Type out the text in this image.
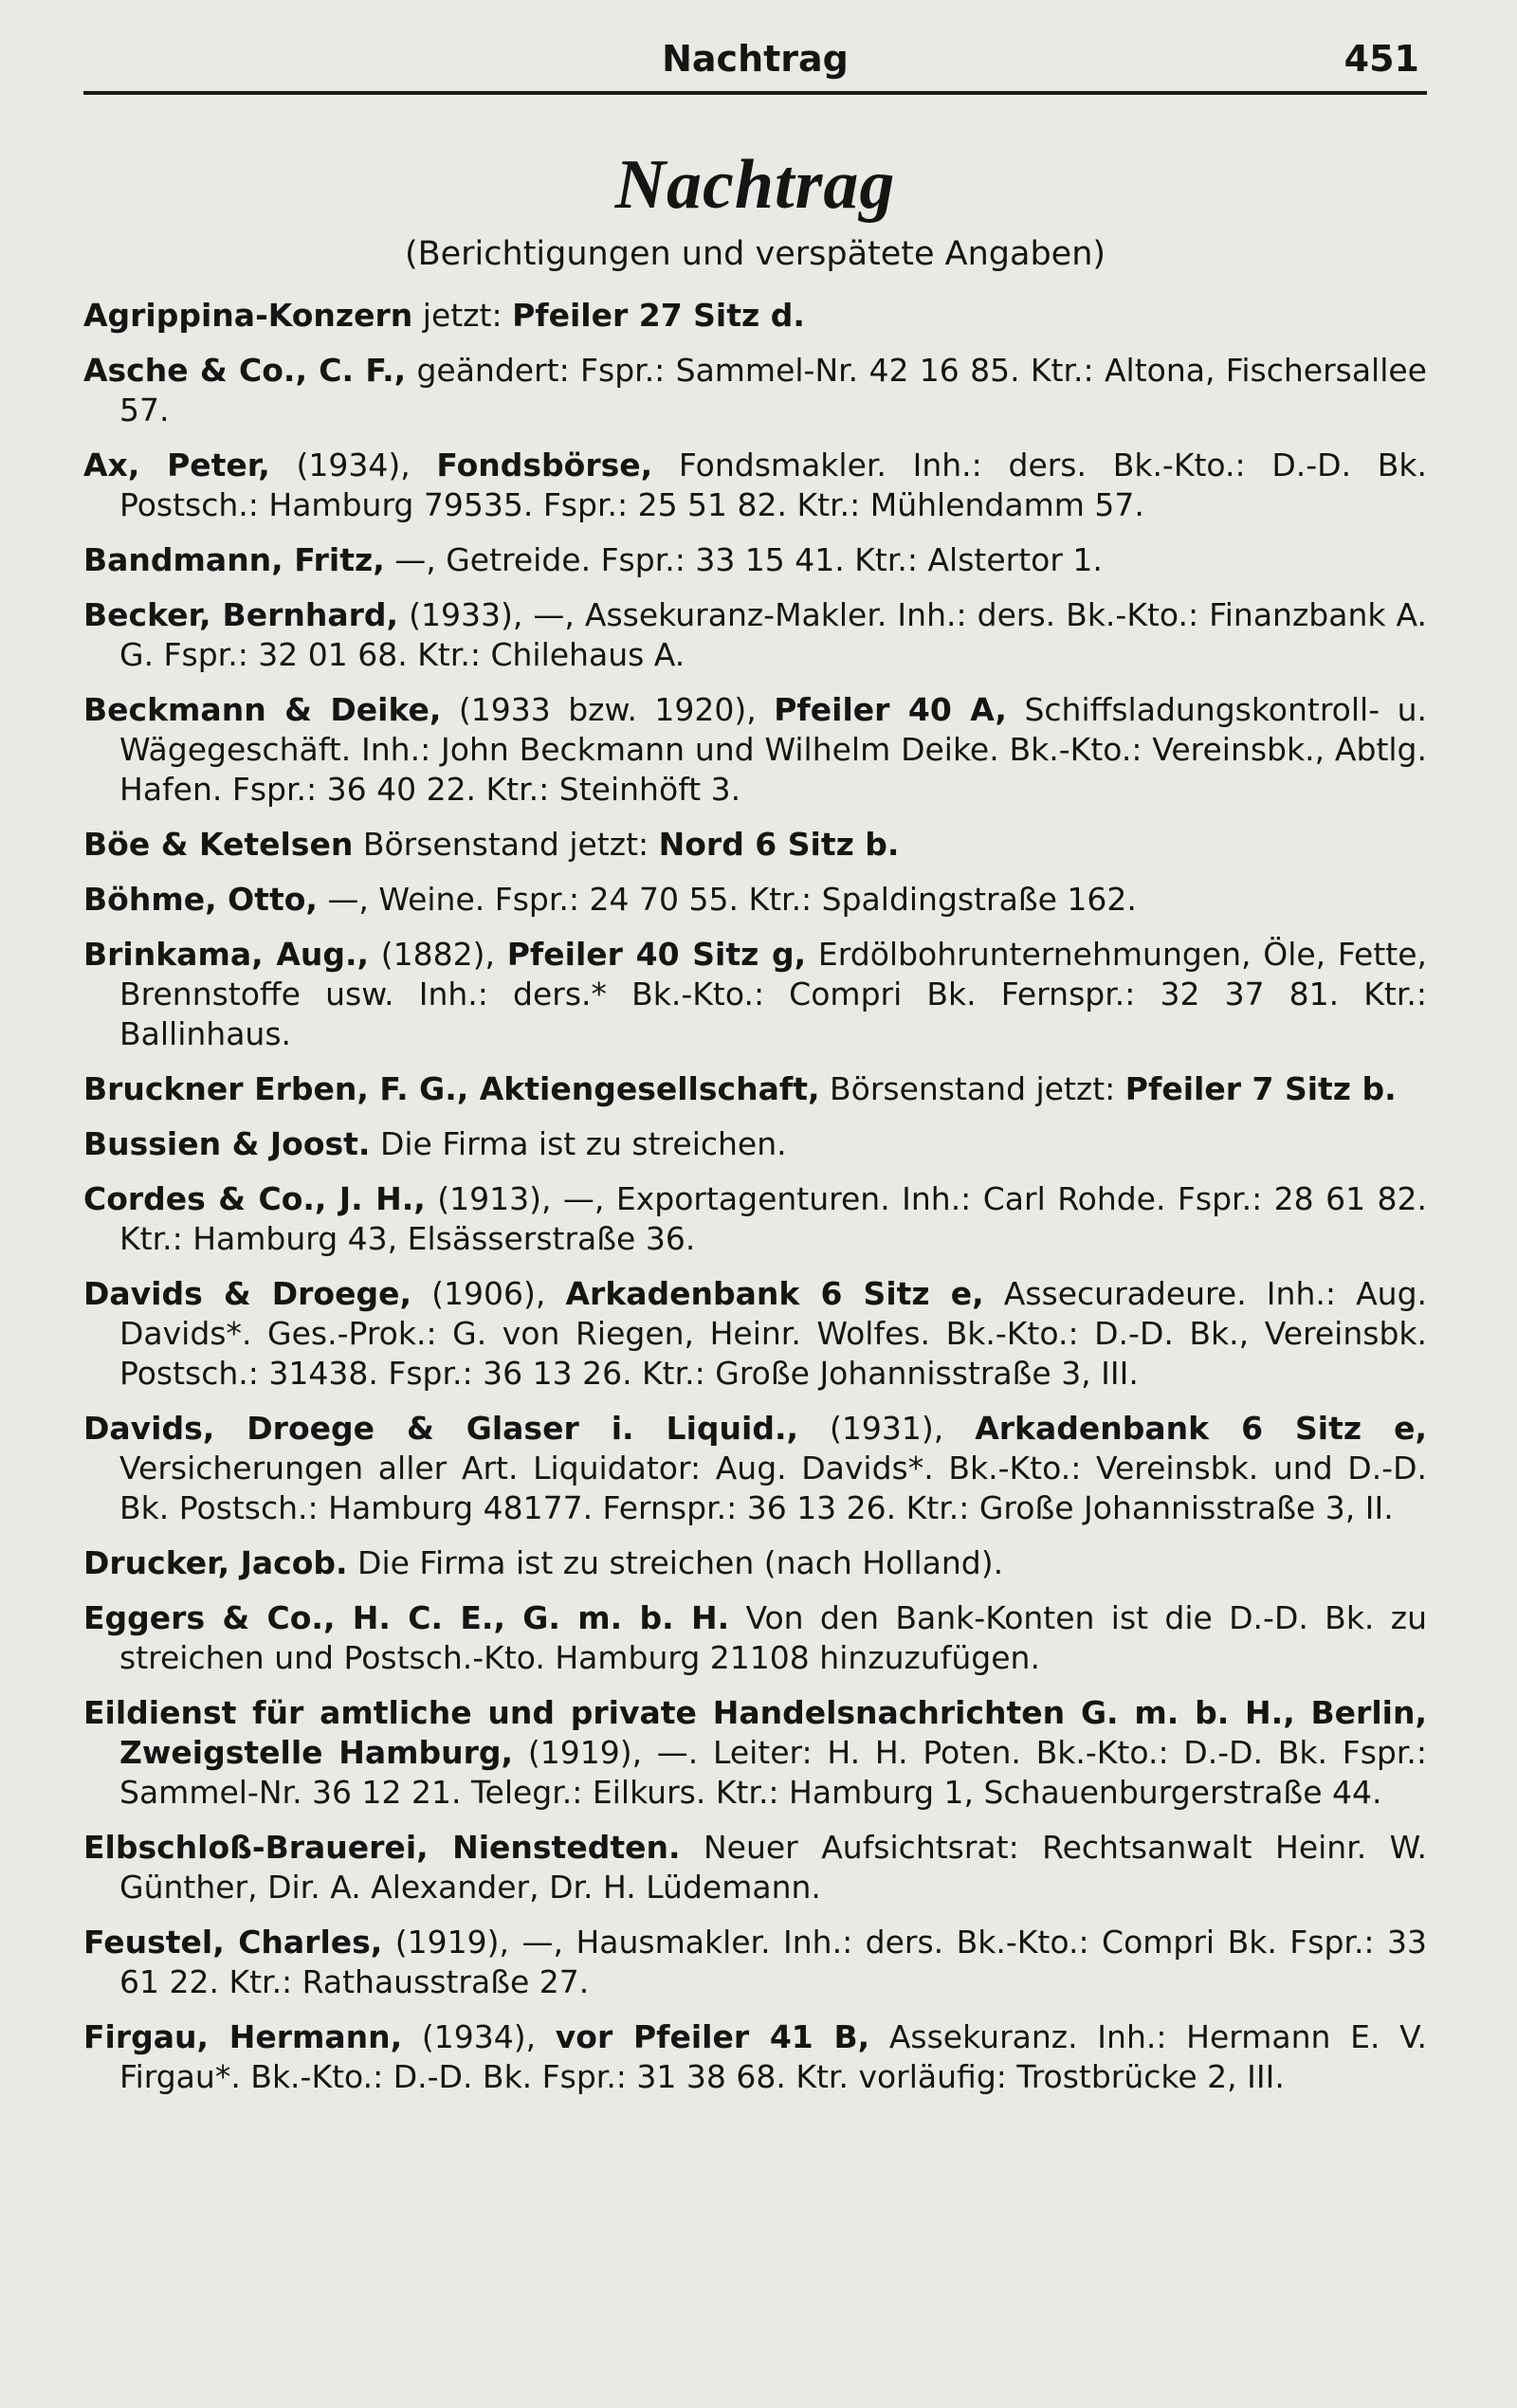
Nachtrag	451
Nachtrag
(Berichtigungen und verspätete Angaben)
Agrippina-Konzern jetzt: Pfeiler 27 Sitz d.
Asche & Co., C. F., geändert: Fspr.: Sammel-Nr. 42 16 85. Ktr.: Altona, Fischersallee 57.
Ax, Peter, (1934), Fondsbörse, Fondsmakler. Inh.: ders. Bk.-Kto.: D.-D. Bk. Postsch.: Hamburg 79535. Fspr.: 25 51 82. Ktr.: Mühlendamm 57.
Bandmann, Fritz, —, Getreide. Fspr.: 33 15 41. Ktr.: Alstertor 1.
Becker, Bernhard, (1933), —, Assekuranz-Makler. Inh.: ders. Bk.-Kto.: Finanzbank A. G. Fspr.: 32 01 68. Ktr.: Chilehaus A.
Beckmann & Deike, (1933 bzw. 1920), Pfeiler 40 A, Schiffsladungskontroll- u. Wägegeschäft. Inh.: John Beckmann und Wilhelm Deike. Bk.-Kto.: Vereinsbk., Abtlg. Hafen. Fspr.: 36 40 22. Ktr.: Steinhöft 3.
Böe & Ketelsen Börsenstand jetzt: Nord 6 Sitz b.
Böhme, Otto, —, Weine. Fspr.: 24 70 55. Ktr.: Spaldingstraße 162.
Brinkama, Aug., (1882), Pfeiler 40 Sitz g, Erdölbohrunternehmungen, Öle, Fette, Brennstoffe usw. Inh.: ders.* Bk.-Kto.: Compri Bk. Fernspr.: 32 37 81. Ktr.: Ballinhaus.
Bruckner Erben, F. G., Aktiengesellschaft, Börsenstand jetzt: Pfeiler 7 Sitz b.
Bussien & Joost. Die Firma ist zu streichen.
Cordes & Co., J. H., (1913), —, Exportagenturen. Inh.: Carl Rohde. Fspr.: 28 61 82. Ktr.: Hamburg 43, Elsässerstraße 36.
Davids & Droege, (1906), Arkadenbank 6 Sitz e, Assecuradeure. Inh.: Aug. Davids*. Ges.-Prok.: G. von Riegen, Heinr. Wolfes. Bk.-Kto.: D.-D. Bk., Vereinsbk. Postsch.: 31438. Fspr.: 36 13 26. Ktr.: Große Johannisstraße 3, III.
Davids, Droege & Glaser i. Liquid., (1931), Arkadenbank 6 Sitz e, Versicherungen aller Art. Liquidator: Aug. Davids*. Bk.-Kto.: Vereinsbk. und D.-D. Bk. Postsch.: Hamburg 48177. Fernspr.: 36 13 26. Ktr.: Große Johannisstraße 3, II.
Drucker, Jacob. Die Firma ist zu streichen (nach Holland).
Eggers & Co., H. C. E., G. m. b. H. Von den Bank-Konten ist die D.-D. Bk. zu streichen und Postsch.-Kto. Hamburg 21108 hinzuzufügen.
Eildienst für amtliche und private Handelsnachrichten G. m. b. H., Berlin, Zweigstelle Hamburg, (1919), —. Leiter: H. H. Poten. Bk.-Kto.: D.-D. Bk. Fspr.: Sammel-Nr. 36 12 21. Telegr.: Eilkurs. Ktr.: Hamburg 1, Schauenburgerstraße 44.
Elbschloß-Brauerei, Nienstedten. Neuer Aufsichtsrat: Rechtsanwalt Heinr. W. Günther, Dir. A. Alexander, Dr. H. Lüdemann.
Feustel, Charles, (1919), —, Hausmakler. Inh.: ders. Bk.-Kto.: Compri Bk. Fspr.: 33 61 22. Ktr.: Rathausstraße 27.
Firgau, Hermann, (1934), vor Pfeiler 41 B, Assekuranz. Inh.: Hermann E. V. Firgau*. Bk.-Kto.: D.-D. Bk. Fspr.: 31 38 68. Ktr. vorläufig: Trostbrücke 2, III.
